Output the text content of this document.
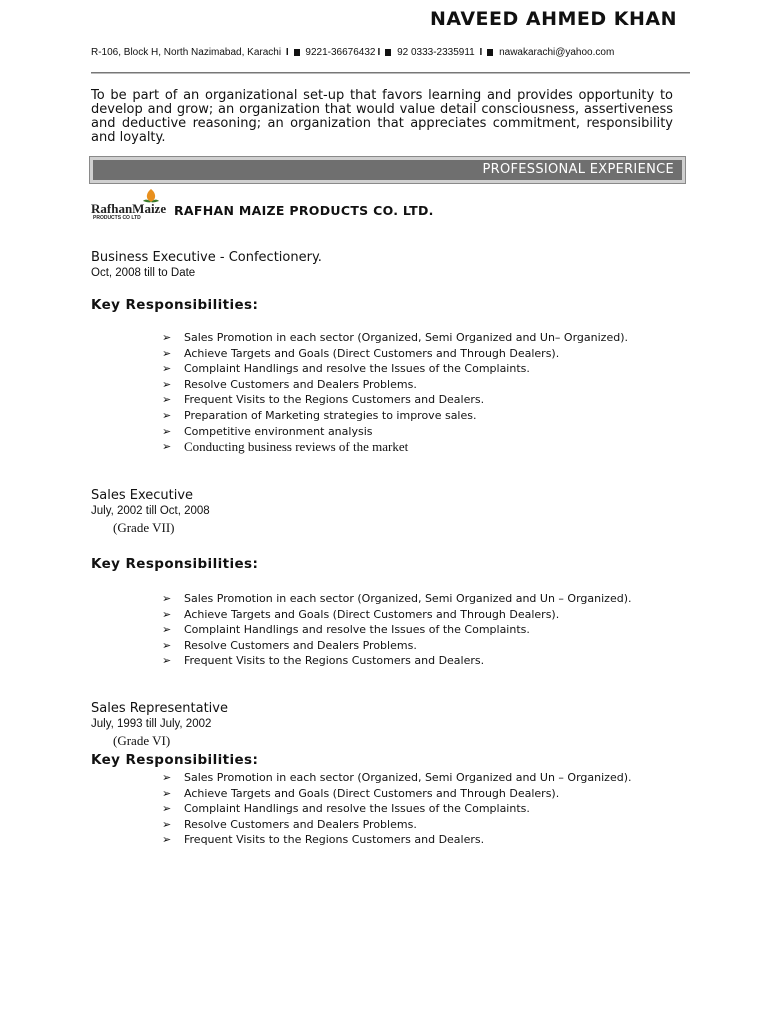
NAVEED AHMED KHAN
R-106, Block H, North Nazimabad, Karachi I 9221-36676432 I 92 0333-2335911 I nawakarachi@yahoo.com
To be part of an organizational set-up that favors learning and provides opportunity to develop and grow; an organization that would value detail consciousness, assertiveness and deductive reasoning; an organization that appreciates commitment, responsibility and loyalty.
PROFESSIONAL EXPERIENCE
RafhanMaize
PRODUCTS CO LTD	RAFHAN MAIZE PRODUCTS CO. LTD.

Business Executive - Confectionery.

Oct, 2008 till to Date

Key Responsibilities:

➢ Sales Promotion in each sector (Organized, Semi Organized and Un– Organized).
➢ Achieve Targets and Goals (Direct Customers and Through Dealers).
➢ Complaint Handlings and resolve the Issues of the Complaints.
➢ Resolve Customers and Dealers Problems.
➢ Frequent Visits to the Regions Customers and Dealers.
➢ Preparation of Marketing strategies to improve sales.
➢ Competitive environment analysis
➢ Conducting business reviews of the market

Sales Executive

July, 2002 till Oct, 2008

(Grade VII)

Key Responsibilities:

➢ Sales Promotion in each sector (Organized, Semi Organized and Un – Organized).
➢ Achieve Targets and Goals (Direct Customers and Through Dealers).
➢ Complaint Handlings and resolve the Issues of the Complaints.
➢ Resolve Customers and Dealers Problems.
➢ Frequent Visits to the Regions Customers and Dealers.

Sales Representative

July, 1993 till July, 2002

(Grade VI)

Key Responsibilities:

➢ Sales Promotion in each sector (Organized, Semi Organized and Un – Organized).
➢ Achieve Targets and Goals (Direct Customers and Through Dealers).
➢ Complaint Handlings and resolve the Issues of the Complaints.
➢ Resolve Customers and Dealers Problems.
➢ Frequent Visits to the Regions Customers and Dealers.
